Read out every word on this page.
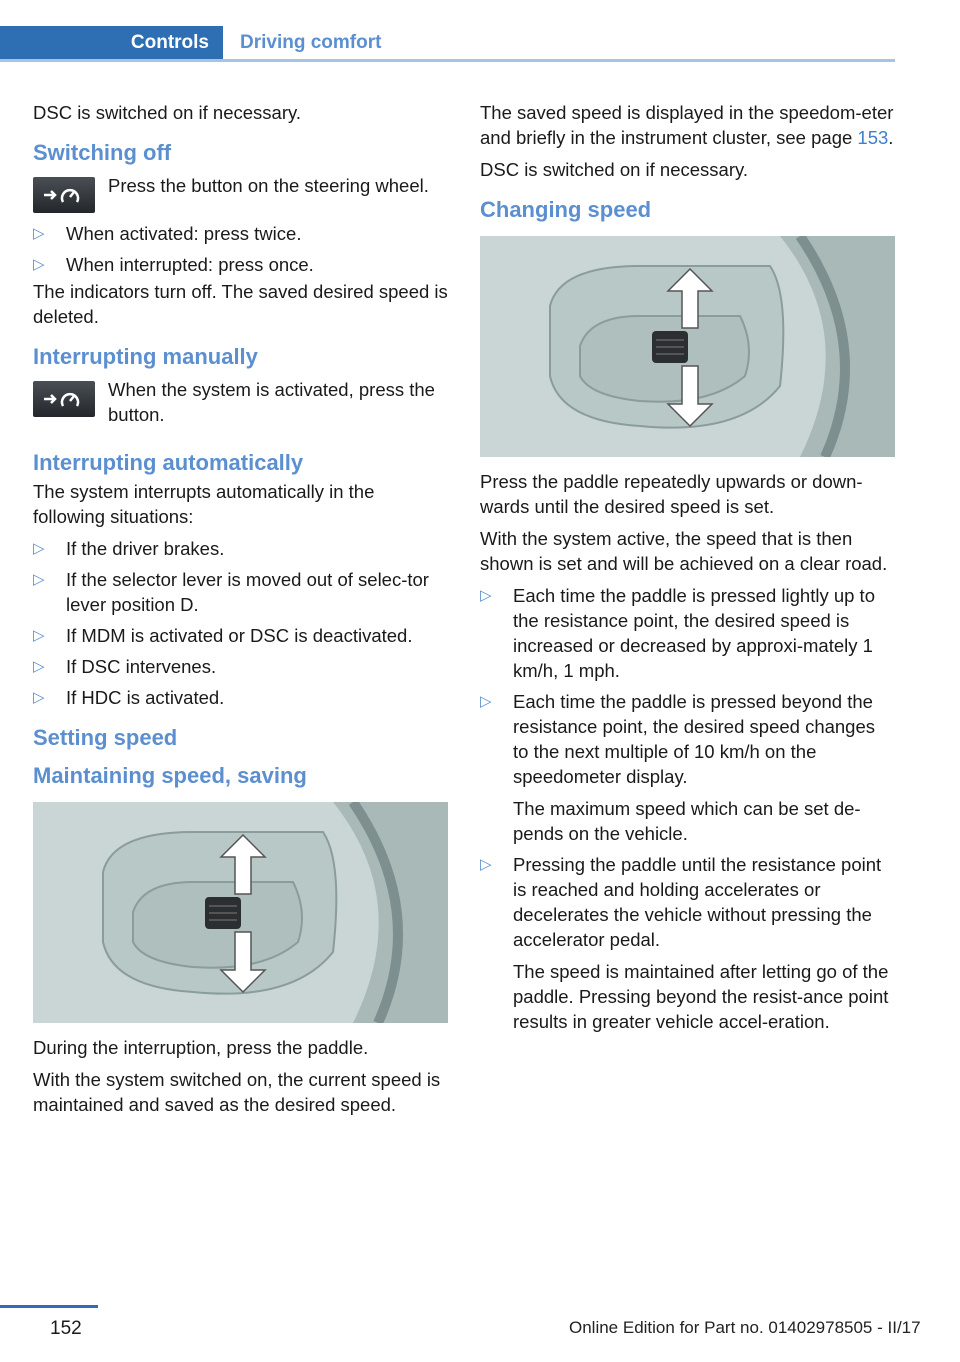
Controls	Driving comfort

DSC is switched on if necessary.

Switching off
Press the button on the steering wheel.
▷ When activated: press twice.
▷ When interrupted: press once.

The indicators turn off. The saved desired speed is deleted.

Interrupting manually
When the system is activated, press the button.
Interrupting automatically

The system interrupts automatically in the following situations:

▷ If the driver brakes.
▷ If the selector lever is moved out of selec‐tor lever position D.
▷ If MDM is activated or DSC is deactivated.
▷ If DSC intervenes.
▷ If HDC is activated.
Setting speed
Maintaining speed, saving

During the interruption, press the paddle.

With the system switched on, the current speed is maintained and saved as the desired speed.

The saved speed is displayed in the speedom‐eter and briefly in the instrument cluster, see page 153.

DSC is switched on if necessary.

Changing speed

Press the paddle repeatedly upwards or down‐wards until the desired speed is set.

With the system active, the speed that is then shown is set and will be achieved on a clear road.

▷ Each time the paddle is pressed lightly up to the resistance point, the desired speed is increased or decreased by approxi‐mately 1 km/h, 1 mph.
▷ Each time the paddle is pressed beyond the resistance point, the desired speed changes to the next multiple of 10 km/h on the speedometer display.
The maximum speed which can be set de‐pends on the vehicle.
▷ Pressing the paddle until the resistance point is reached and holding accelerates or decelerates the vehicle without pressing the accelerator pedal.
The speed is maintained after letting go of the paddle. Pressing beyond the resist‐ance point results in greater vehicle accel‐eration.
152	Online Edition for Part no. 01402978505 - II/17
